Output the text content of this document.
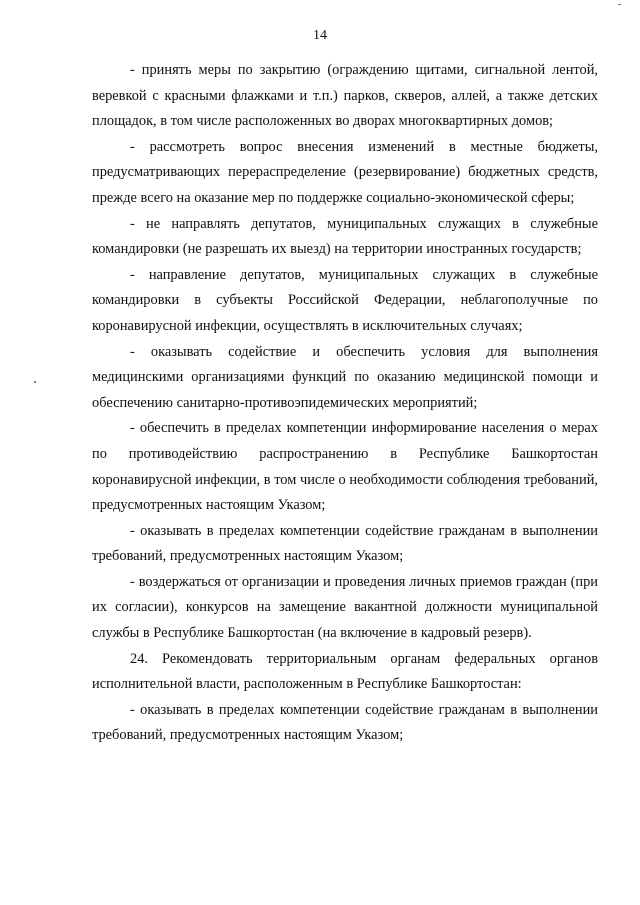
14

- принять меры по закрытию (ограждению щитами, сигнальной лентой, веревкой с красными флажками и т.п.) парков, скверов, аллей, а также детских площадок, в том числе расположенных во дворах многоквартирных домов;

- рассмотреть вопрос внесения изменений в местные бюджеты, предусматривающих перераспределение (резервирование) бюджетных средств, прежде всего на оказание мер по поддержке социально-экономической сферы;

- не направлять депутатов, муниципальных служащих в служебные командировки (не разрешать их выезд) на территории иностранных государств;

- направление депутатов, муниципальных служащих в служебные командировки в субъекты Российской Федерации, неблагополучные по коронавирусной инфекции, осуществлять в исключительных случаях;

- оказывать содействие и обеспечить условия для выполнения медицинскими организациями функций по оказанию медицинской помощи и обеспечению санитарно-противоэпидемических мероприятий;

- обеспечить в пределах компетенции информирование населения о мерах по противодействию распространению в Республике Башкортостан коронавирусной инфекции, в том числе о необходимости соблюдения требований, предусмотренных настоящим Указом;

- оказывать в пределах компетенции содействие гражданам в выполнении требований, предусмотренных настоящим Указом;

- воздержаться от организации и проведения личных приемов граждан (при их согласии), конкурсов на замещение вакантной должности муниципальной службы в Республике Башкортостан (на включение в кадровый резерв).

24. Рекомендовать территориальным органам федеральных органов исполнительной власти, расположенным в Республике Башкортостан:

- оказывать в пределах компетенции содействие гражданам в выполнении требований, предусмотренных настоящим Указом;
